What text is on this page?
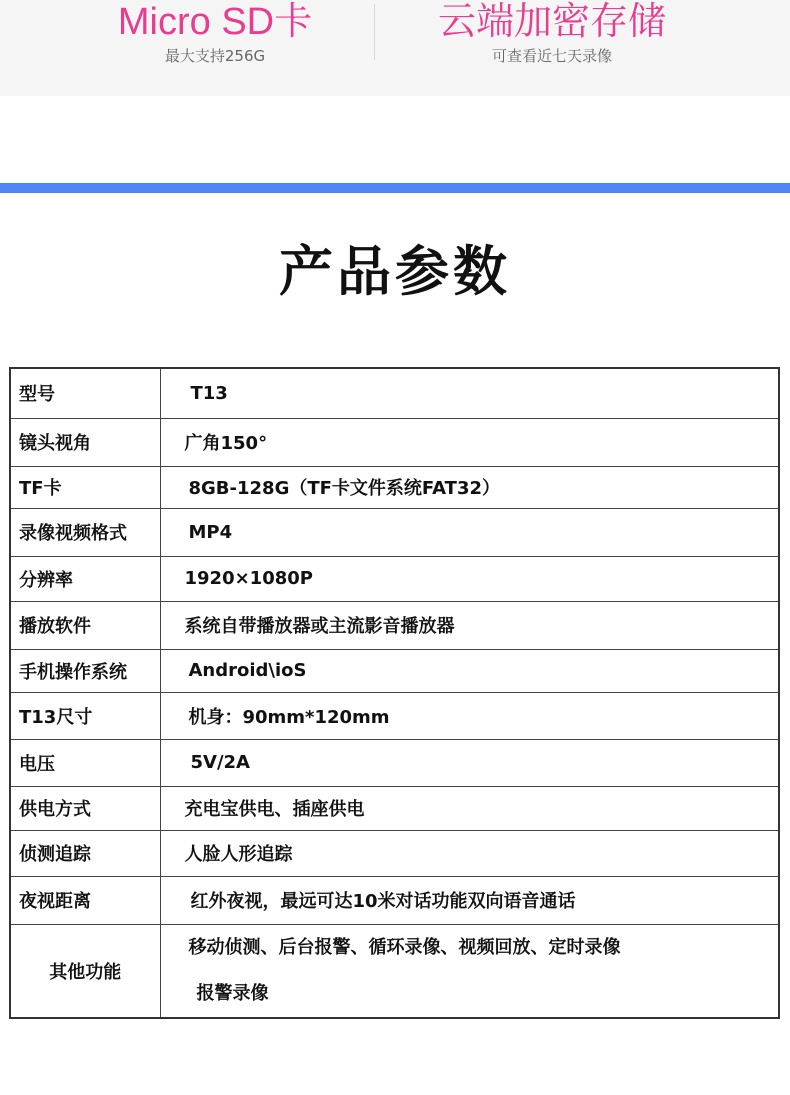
Micro SD卡
最大支持256G
云端加密存储
可查看近七天录像
产品参数
型号	T13
镜头视角	广角150°
TF卡	8GB-128G（TF卡文件系统FAT32）
录像视频格式	MP4
分辨率	1920×1080P
播放软件	系统自带播放器或主流影音播放器
手机操作系统	Android\ioS
T13尺寸	机身：90mm*120mm
电压	5V/2A
供电方式	充电宝供电、插座供电
侦测追踪	人脸人形追踪
夜视距离	红外夜视，最远可达10米对话功能双向语音通话
其他功能	移动侦测、后台报警、循环录像、视频回放、定时录像
报警录像
